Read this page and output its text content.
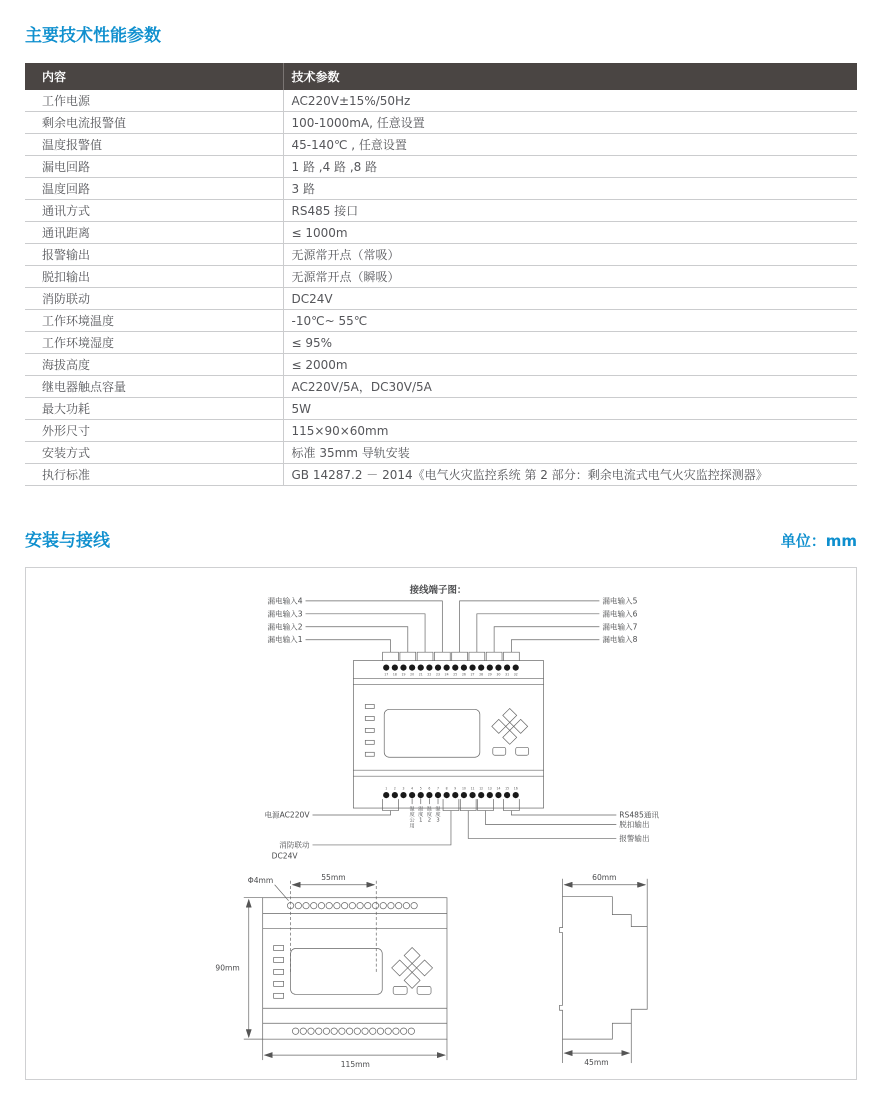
主要技术性能参数
内容	技术参数
工作电源	AC220V±15%/50Hz
剩余电流报警值	100-1000mA, 任意设置
温度报警值	45-140℃ , 任意设置
漏电回路	1 路 ,4 路 ,8 路
温度回路	3 路
通讯方式	RS485 接口
通讯距离	≤ 1000m
报警输出	无源常开点（常吸）
脱扣输出	无源常开点（瞬吸）
消防联动	DC24V
工作环境温度	-10℃~ 55℃
工作环境湿度	≤ 95%
海拔高度	≤ 2000m
继电器触点容量	AC220V/5A，DC30V/5A
最大功耗	5W
外形尺寸	115×90×60mm
安装方式	标准 35mm 导轨安装
执行标准	GB 14287.2 － 2014《电气火灾监控系统 第 2 部分：剩余电流式电气火灾监控探测器》
安装与接线	单位：mm
接线端子图：
17 18 19 20 21 22 23 24 25 26 27 28 29 30 31 32
1 2 3 4 5 6 7 8 9 10 11 12 13 14 15 16
漏电输入4
漏电输入3
漏电输入2
漏电输入1
漏电输入5
漏电输入6
漏电输入7
漏电输入8
电源AC220V
消防联动
DC24V
RS485通讯
脱扣输出
报警输出
温度公用
温度 1
温度 2
温度 3
55mm
Φ4mm
90mm
115mm
60mm
45mm
